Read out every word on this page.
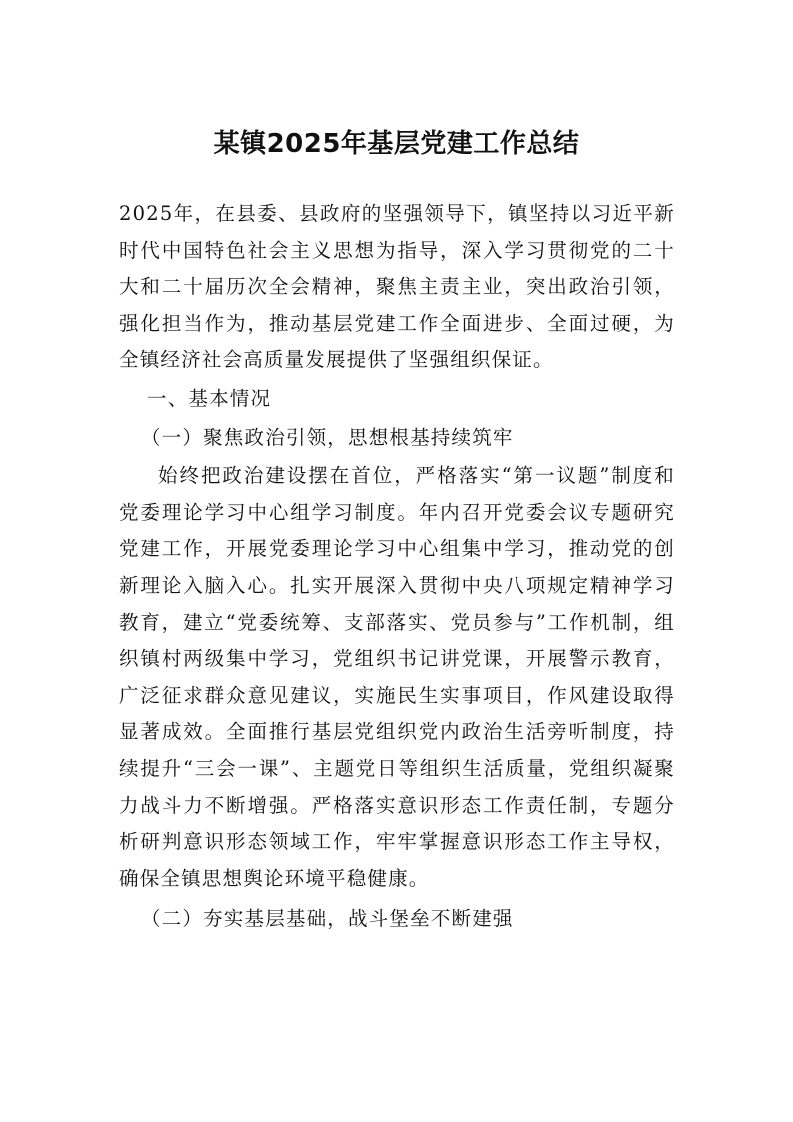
某镇2025年基层党建工作总结

2025年，在县委、县政府的坚强领导下，镇坚持以习近平新时代中国特色社会主义思想为指导，深入学习贯彻党的二十大和二十届历次全会精神，聚焦主责主业，突出政治引领，强化担当作为，推动基层党建工作全面进步、全面过硬，为全镇经济社会高质量发展提供了坚强组织保证。

一、基本情况

（一）聚焦政治引领，思想根基持续筑牢

始终把政治建设摆在首位，严格落实“第一议题”制度和党委理论学习中心组学习制度。年内召开党委会议专题研究党建工作，开展党委理论学习中心组集中学习，推动党的创新理论入脑入心。扎实开展深入贯彻中央八项规定精神学习教育，建立“党委统筹、支部落实、党员参与”工作机制，组织镇村两级集中学习，党组织书记讲党课，开展警示教育，广泛征求群众意见建议，实施民生实事项目，作风建设取得显著成效。全面推行基层党组织党内政治生活旁听制度，持续提升“三会一课”、主题党日等组织生活质量，党组织凝聚力战斗力不断增强。严格落实意识形态工作责任制，专题分析研判意识形态领域工作，牢牢掌握意识形态工作主导权，确保全镇思想舆论环境平稳健康。

（二）夯实基层基础，战斗堡垒不断建强
